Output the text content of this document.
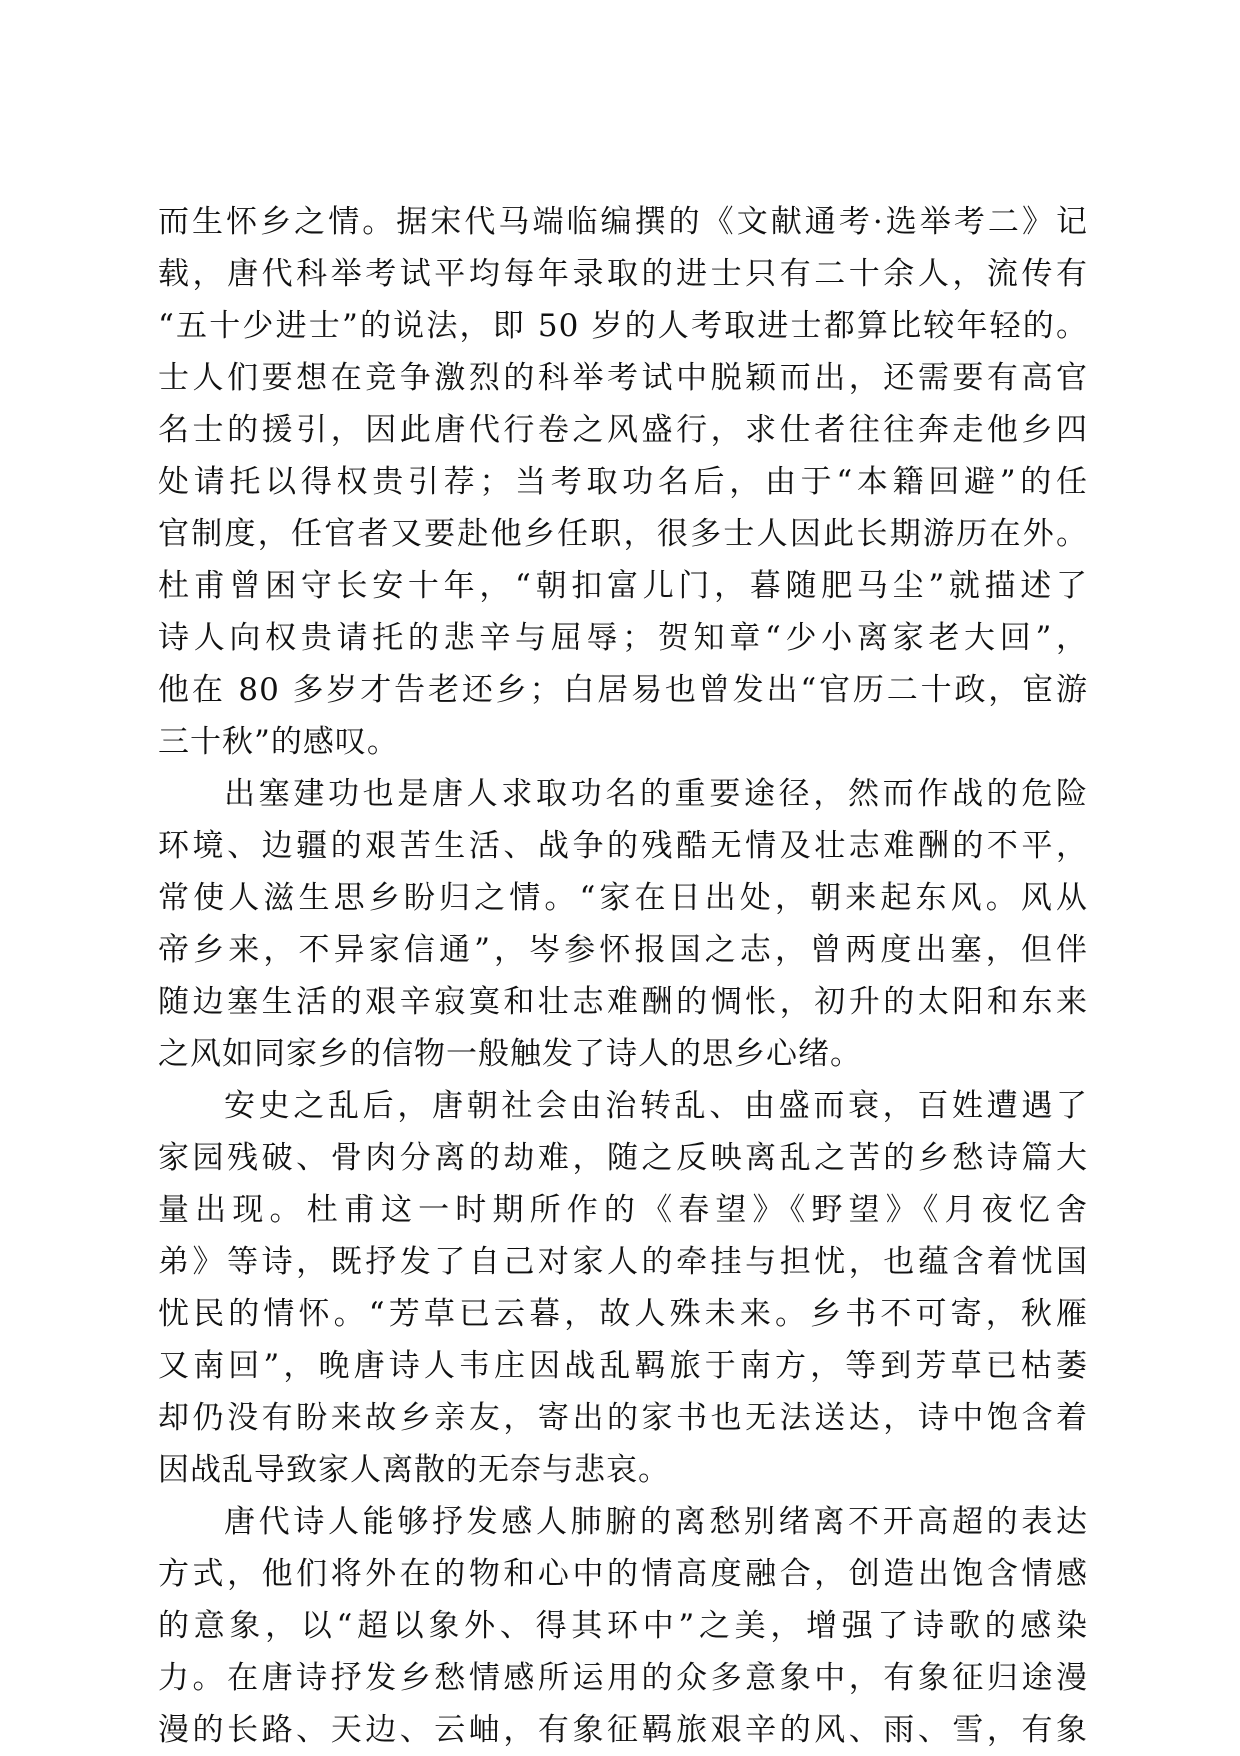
而生怀乡之情。据宋代马端临编撰的《文献通考·选举考二》记
载，唐代科举考试平均每年录取的进士只有二十余人，流传有
“五十少进士”的说法，即 50 岁的人考取进士都算比较年轻的。
士人们要想在竞争激烈的科举考试中脱颖而出，还需要有高官
名士的援引，因此唐代行卷之风盛行，求仕者往往奔走他乡四
处请托以得权贵引荐；当考取功名后，由于“本籍回避”的任
官制度，任官者又要赴他乡任职，很多士人因此长期游历在外。
杜甫曾困守长安十年，“朝扣富儿门，暮随肥马尘”就描述了
诗人向权贵请托的悲辛与屈辱；贺知章“少小离家老大回”，
他在 80 多岁才告老还乡；白居易也曾发出“官历二十政，宦游
三十秋”的感叹。
出塞建功也是唐人求取功名的重要途径，然而作战的危险
环境、边疆的艰苦生活、战争的残酷无情及壮志难酬的不平，
常使人滋生思乡盼归之情。“家在日出处，朝来起东风。风从
帝乡来，不异家信通”，岑参怀报国之志，曾两度出塞，但伴
随边塞生活的艰辛寂寞和壮志难酬的惆怅，初升的太阳和东来
之风如同家乡的信物一般触发了诗人的思乡心绪。
安史之乱后，唐朝社会由治转乱、由盛而衰，百姓遭遇了
家园残破、骨肉分离的劫难，随之反映离乱之苦的乡愁诗篇大
量出现。杜甫这一时期所作的《春望》《野望》《月夜忆舍
弟》等诗，既抒发了自己对家人的牵挂与担忧，也蕴含着忧国
忧民的情怀。“芳草已云暮，故人殊未来。乡书不可寄，秋雁
又南回”，晚唐诗人韦庄因战乱羁旅于南方，等到芳草已枯萎
却仍没有盼来故乡亲友，寄出的家书也无法送达，诗中饱含着
因战乱导致家人离散的无奈与悲哀。
唐代诗人能够抒发感人肺腑的离愁别绪离不开高超的表达
方式，他们将外在的物和心中的情高度融合，创造出饱含情感
的意象，以“超以象外、得其环中”之美，增强了诗歌的感染
力。在唐诗抒发乡愁情感所运用的众多意象中，有象征归途漫
漫的长路、天边、云岫，有象征羁旅艰辛的风、雨、雪，有象
